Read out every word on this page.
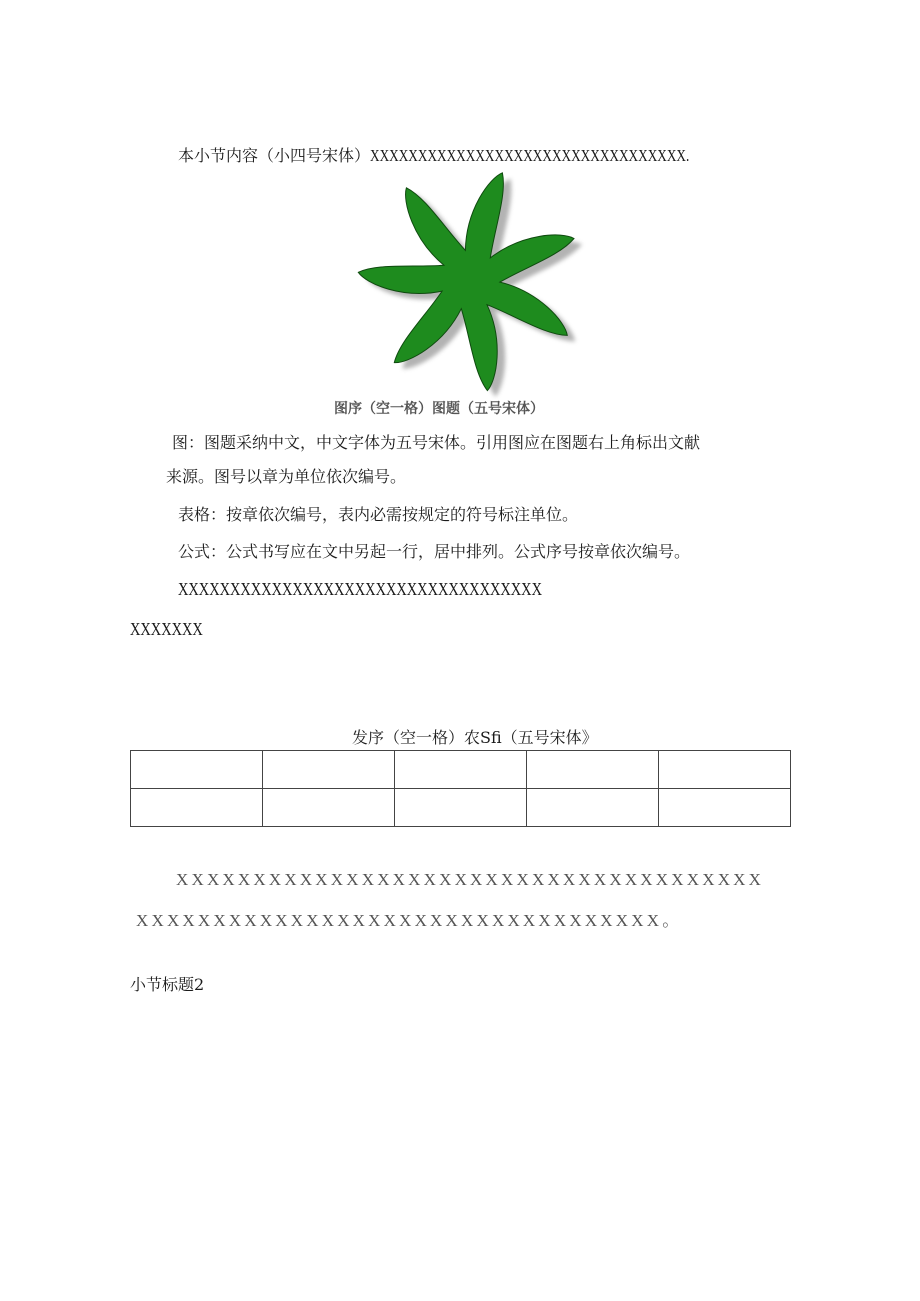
本小节内容（小四号宋体）XXXXXXXXXXXXXXXXXXXXXXXXXXXXXXXXX.
图序（空一格）图题（五号宋体）
图：图题采纳中文，中文字体为五号宋体。引用图应在图题右上角标出文献
来源。图号以章为单位依次编号。
表格：按章依次编号，表内必需按规定的符号标注单位。
公式：公式书写应在文中另起一行，居中排列。公式序号按章依次编号。
XXXXXXXXXXXXXXXXXXXXXXXXXXXXXXXXXXX
XXXXXXX
发序（空一格）农Sfi（五号宋体》

XXXXXXXXXXXXXXXXXXXXXXXXXXXXXXXXXXXXXX
XXXXXXXXXXXXXXXXXXXXXXXXXXXXXXXXXX。
小节标题2
